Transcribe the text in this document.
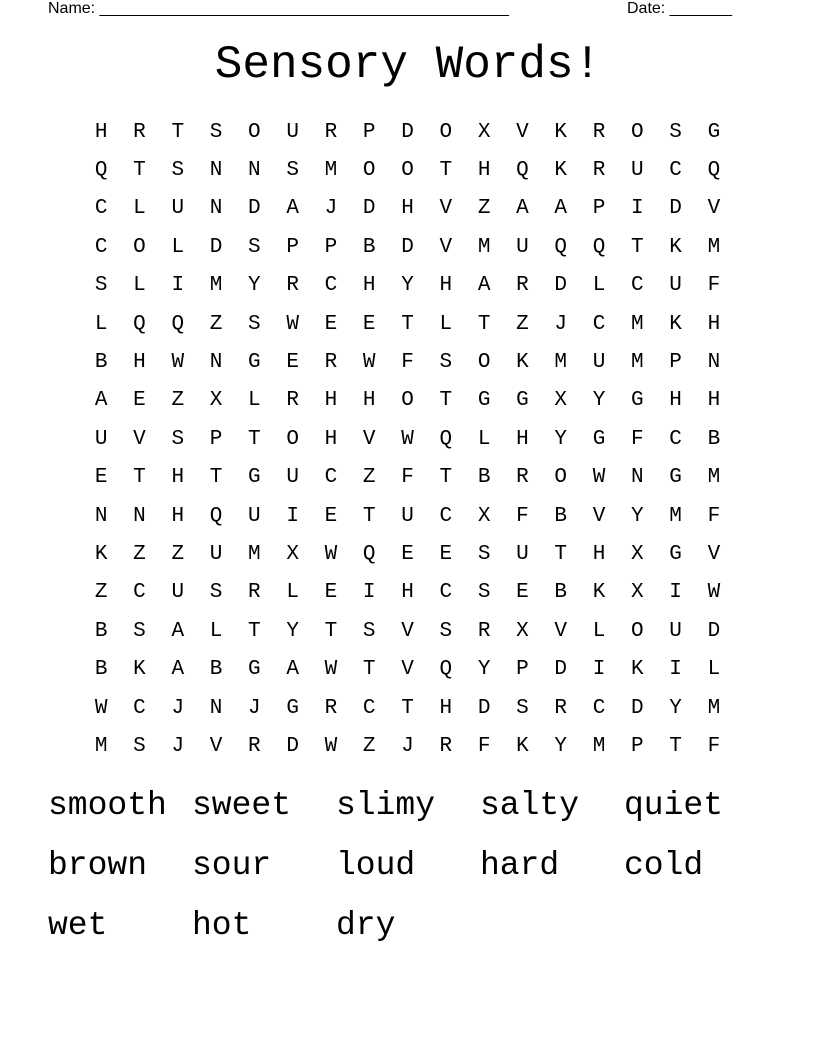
Name: ______________________________________________	Date: _______
Sensory Words!
H	R	T	S	O	U	R	P	D	O	X	V	K	R	O	S	G
Q	T	S	N	N	S	M	O	O	T	H	Q	K	R	U	C	Q
C	L	U	N	D	A	J	D	H	V	Z	A	A	P	I	D	V
C	O	L	D	S	P	P	B	D	V	M	U	Q	Q	T	K	M
S	L	I	M	Y	R	C	H	Y	H	A	R	D	L	C	U	F
L	Q	Q	Z	S	W	E	E	T	L	T	Z	J	C	M	K	H
B	H	W	N	G	E	R	W	F	S	O	K	M	U	M	P	N
A	E	Z	X	L	R	H	H	O	T	G	G	X	Y	G	H	H
U	V	S	P	T	O	H	V	W	Q	L	H	Y	G	F	C	B
E	T	H	T	G	U	C	Z	F	T	B	R	O	W	N	G	M
N	N	H	Q	U	I	E	T	U	C	X	F	B	V	Y	M	F
K	Z	Z	U	M	X	W	Q	E	E	S	U	T	H	X	G	V
Z	C	U	S	R	L	E	I	H	C	S	E	B	K	X	I	W
B	S	A	L	T	Y	T	S	V	S	R	X	V	L	O	U	D
B	K	A	B	G	A	W	T	V	Q	Y	P	D	I	K	I	L
W	C	J	N	J	G	R	C	T	H	D	S	R	C	D	Y	M
M	S	J	V	R	D	W	Z	J	R	F	K	Y	M	P	T	F
smooth sweet	slimy	salty	quiet
brown	sour	loud	hard	cold
wet	hot	dry
